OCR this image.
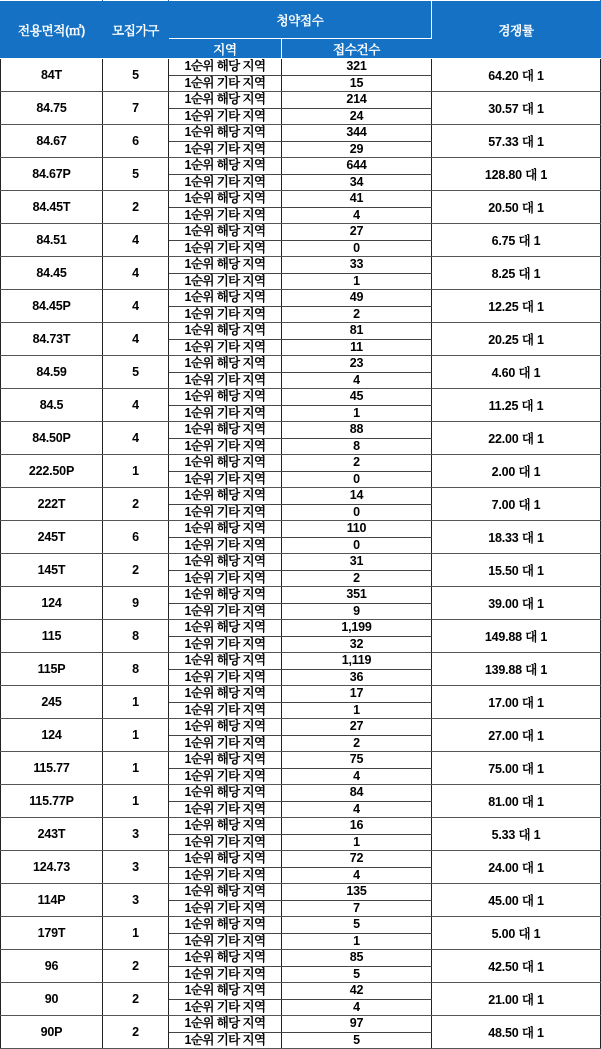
전용면적(㎡)	모집가구	청약접수		경쟁률
		지역	접수건수	
84T	5	1순위 해당 지역	321	64.20 대 1
		1순위 기타 지역	15	
84.75	7	1순위 해당 지역	214	30.57 대 1
		1순위 기타 지역	24	
84.67	6	1순위 해당 지역	344	57.33 대 1
		1순위 기타 지역	29	
84.67P	5	1순위 해당 지역	644	128.80 대 1
		1순위 기타 지역	34	
84.45T	2	1순위 해당 지역	41	20.50 대 1
		1순위 기타 지역	4	
84.51	4	1순위 해당 지역	27	6.75 대 1
		1순위 기타 지역	0	
84.45	4	1순위 해당 지역	33	8.25 대 1
		1순위 기타 지역	1	
84.45P	4	1순위 해당 지역	49	12.25 대 1
		1순위 기타 지역	2	
84.73T	4	1순위 해당 지역	81	20.25 대 1
		1순위 기타 지역	11	
84.59	5	1순위 해당 지역	23	4.60 대 1
		1순위 기타 지역	4	
84.5	4	1순위 해당 지역	45	11.25 대 1
		1순위 기타 지역	1	
84.50P	4	1순위 해당 지역	88	22.00 대 1
		1순위 기타 지역	8	
222.50P	1	1순위 해당 지역	2	2.00 대 1
		1순위 기타 지역	0	
222T	2	1순위 해당 지역	14	7.00 대 1
		1순위 기타 지역	0	
245T	6	1순위 해당 지역	110	18.33 대 1
		1순위 기타 지역	0	
145T	2	1순위 해당 지역	31	15.50 대 1
		1순위 기타 지역	2	
124	9	1순위 해당 지역	351	39.00 대 1
		1순위 기타 지역	9	
115	8	1순위 해당 지역	1,199	149.88 대 1
		1순위 기타 지역	32	
115P	8	1순위 해당 지역	1,119	139.88 대 1
		1순위 기타 지역	36	
245	1	1순위 해당 지역	17	17.00 대 1
		1순위 기타 지역	1	
124	1	1순위 해당 지역	27	27.00 대 1
		1순위 기타 지역	2	
115.77	1	1순위 해당 지역	75	75.00 대 1
		1순위 기타 지역	4	
115.77P	1	1순위 해당 지역	84	81.00 대 1
		1순위 기타 지역	4	
243T	3	1순위 해당 지역	16	5.33 대 1
		1순위 기타 지역	1	
124.73	3	1순위 해당 지역	72	24.00 대 1
		1순위 기타 지역	4	
114P	3	1순위 해당 지역	135	45.00 대 1
		1순위 기타 지역	7	
179T	1	1순위 해당 지역	5	5.00 대 1
		1순위 기타 지역	1	
96	2	1순위 해당 지역	85	42.50 대 1
		1순위 기타 지역	5	
90	2	1순위 해당 지역	42	21.00 대 1
		1순위 기타 지역	4	
90P	2	1순위 해당 지역	97	48.50 대 1
		1순위 기타 지역	5	
